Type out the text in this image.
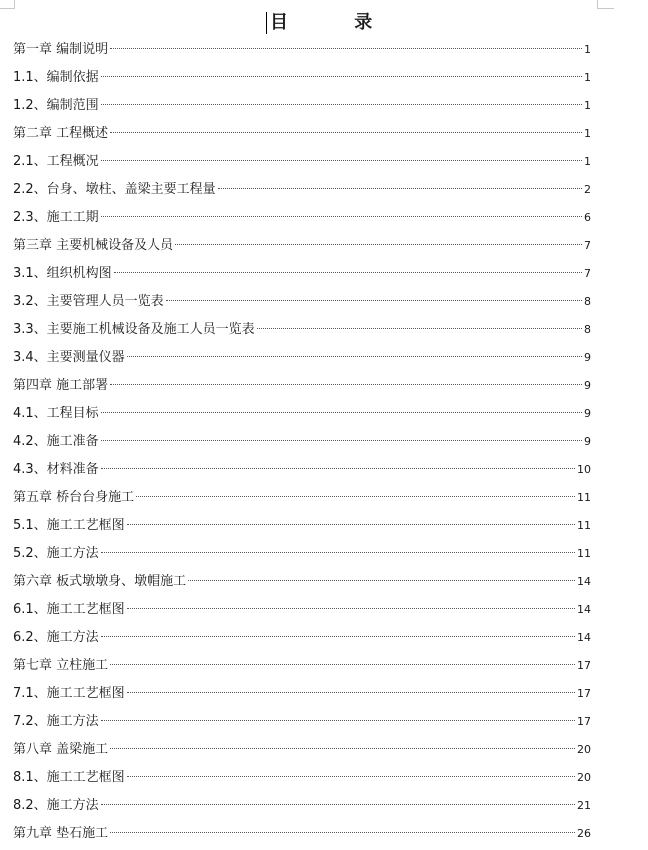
目 录
第一章 编制说明	1
1.1、编制依据	1
1.2、编制范围	1
第二章 工程概述	1
2.1、工程概况	1
2.2、台身、墩柱、盖梁主要工程量	2
2.3、施工工期	6
第三章 主要机械设备及人员	7
3.1、组织机构图	7
3.2、主要管理人员一览表	8
3.3、主要施工机械设备及施工人员一览表	8
3.4、主要测量仪器	9
第四章 施工部署	9
4.1、工程目标	9
4.2、施工准备	9
4.3、材料准备	10
第五章 桥台台身施工	11
5.1、施工工艺框图	11
5.2、施工方法	11
第六章 板式墩墩身、墩帽施工	14
6.1、施工工艺框图	14
6.2、施工方法	14
第七章 立柱施工	17
7.1、施工工艺框图	17
7.2、施工方法	17
第八章 盖梁施工	20
8.1、施工工艺框图	20
8.2、施工方法	21
第九章 垫石施工	26
